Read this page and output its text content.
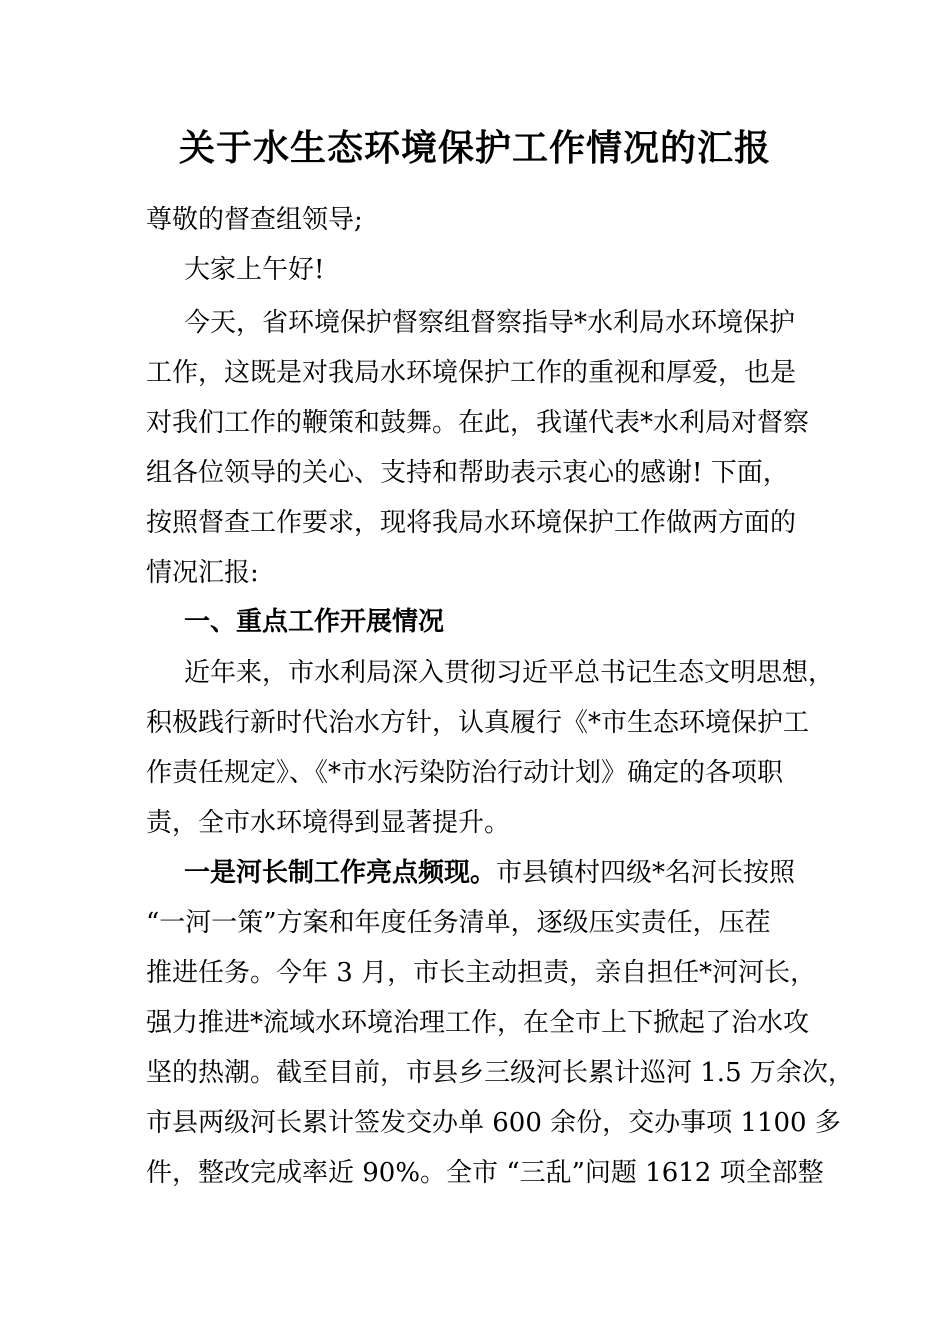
关于水生态环境保护工作情况的汇报
尊敬的督查组领导;
大家上午好!
今天，省环境保护督察组督察指导*水利局水环境保护
工作，这既是对我局水环境保护工作的重视和厚爱，也是
对我们工作的鞭策和鼓舞。在此，我谨代表*水利局对督察
组各位领导的关心、支持和帮助表示衷心的感谢! 下面，
按照督查工作要求，现将我局水环境保护工作做两方面的
情况汇报:
一、重点工作开展情况
近年来，市水利局深入贯彻习近平总书记生态文明思想，
积极践行新时代治水方针，认真履行《*市生态环境保护工
作责任规定》、《*市水污染防治行动计划》确定的各项职
责，全市水环境得到显著提升。
一是河长制工作亮点频现。市县镇村四级*名河长按照
“一河一策”方案和年度任务清单，逐级压实责任，压茬
推进任务。今年 3 月，市长主动担责，亲自担任*河河长，
强力推进*流域水环境治理工作，在全市上下掀起了治水攻
坚的热潮。截至目前，市县乡三级河长累计巡河 1.5 万余次，
市县两级河长累计签发交办单 600 余份，交办事项 1100 多
件，整改完成率近 90%。全市 “三乱”问题 1612 项全部整
